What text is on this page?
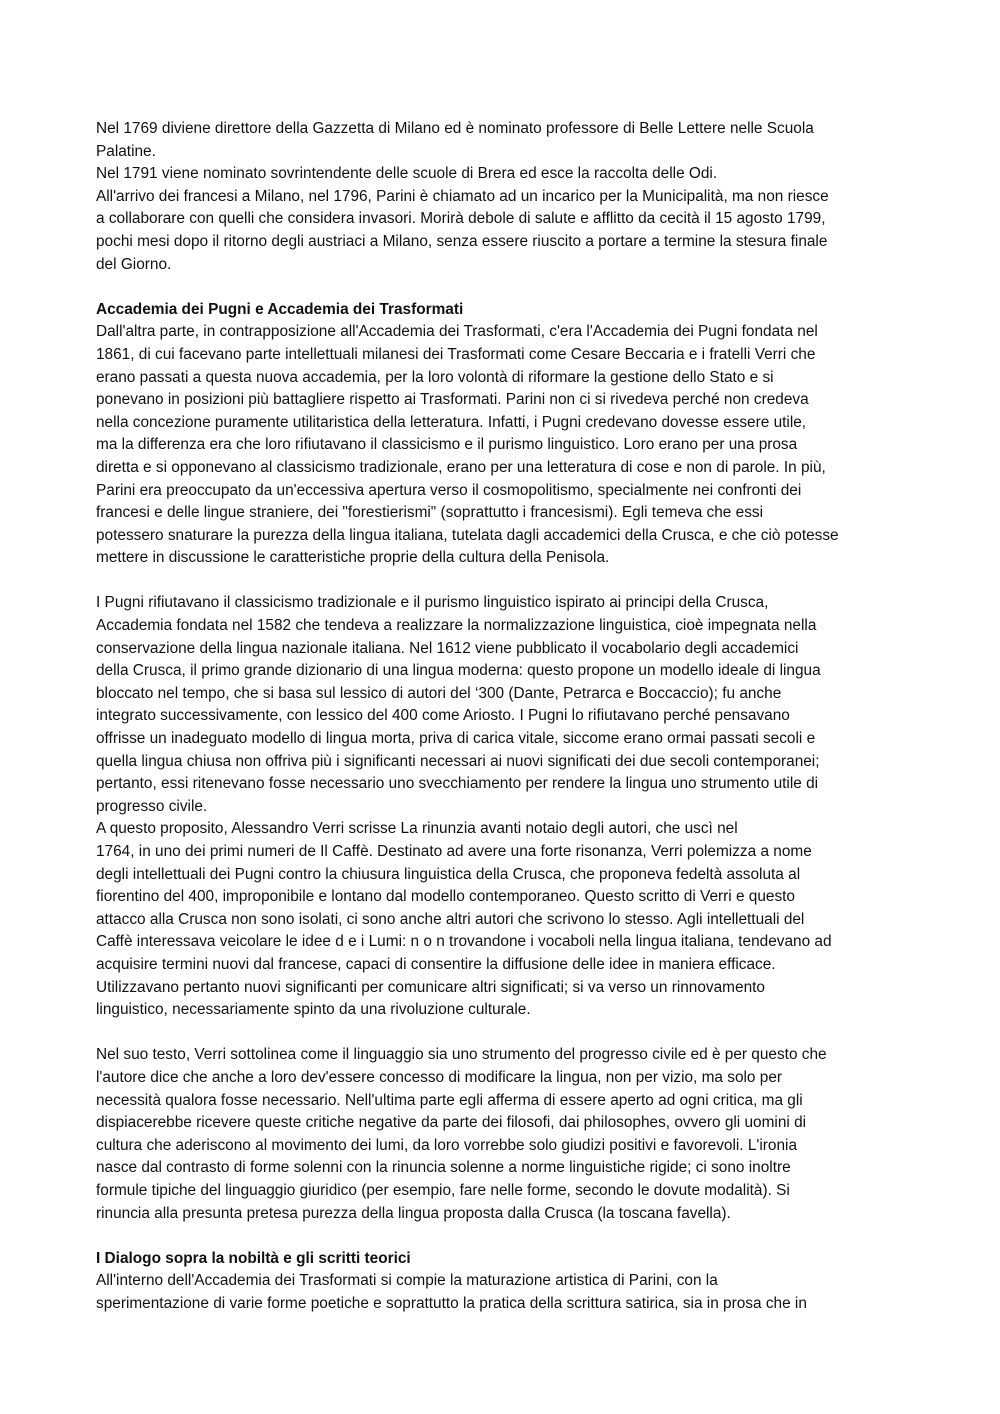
Nel 1769 diviene direttore della Gazzetta di Milano ed è nominato professore di Belle Lettere nelle Scuola
Palatine.
Nel 1791 viene nominato sovrintendente delle scuole di Brera ed esce la raccolta delle Odi.
All'arrivo dei francesi a Milano, nel 1796, Parini è chiamato ad un incarico per la Municipalità, ma non riesce
a collaborare con quelli che considera invasori. Morirà debole di salute e afflitto da cecità il 15 agosto 1799,
pochi mesi dopo il ritorno degli austriaci a Milano, senza essere riuscito a portare a termine la stesura finale
del Giorno.
Accademia dei Pugni e Accademia dei Trasformati
Dall'altra parte, in contrapposizione all'Accademia dei Trasformati, c'era l'Accademia dei Pugni fondata nel
1861, di cui facevano parte intellettuali milanesi dei Trasformati come Cesare Beccaria e i fratelli Verri che
erano passati a questa nuova accademia, per la loro volontà di riformare la gestione dello Stato e si
ponevano in posizioni più battagliere rispetto ai Trasformati. Parini non ci si rivedeva perché non credeva
nella concezione puramente utilitaristica della letteratura. Infatti, i Pugni credevano dovesse essere utile,
ma la differenza era che loro rifiutavano il classicismo e il purismo linguistico. Loro erano per una prosa
diretta e si opponevano al classicismo tradizionale, erano per una letteratura di cose e non di parole. In più,
Parini era preoccupato da un'eccessiva apertura verso il cosmopolitismo, specialmente nei confronti dei
francesi e delle lingue straniere, dei "forestierismi" (soprattutto i francesismi). Egli temeva che essi
potessero snaturare la purezza della lingua italiana, tutelata dagli accademici della Crusca, e che ciò potesse
mettere in discussione le caratteristiche proprie della cultura della Penisola.
I Pugni rifiutavano il classicismo tradizionale e il purismo linguistico ispirato ai principi della Crusca,
Accademia fondata nel 1582 che tendeva a realizzare la normalizzazione linguistica, cioè impegnata nella
conservazione della lingua nazionale italiana. Nel 1612 viene pubblicato il vocabolario degli accademici
della Crusca, il primo grande dizionario di una lingua moderna: questo propone un modello ideale di lingua
bloccato nel tempo, che si basa sul lessico di autori del ‘300 (Dante, Petrarca e Boccaccio); fu anche
integrato successivamente, con lessico del 400 come Ariosto. I Pugni lo rifiutavano perché pensavano
offrisse un inadeguato modello di lingua morta, priva di carica vitale, siccome erano ormai passati secoli e
quella lingua chiusa non offriva più i significanti necessari ai nuovi significati dei due secoli contemporanei;
pertanto, essi ritenevano fosse necessario uno svecchiamento per rendere la lingua uno strumento utile di
progresso civile.
A questo proposito, Alessandro Verri scrisse La rinunzia avanti notaio degli autori, che uscì nel
1764, in uno dei primi numeri de Il Caffè. Destinato ad avere una forte risonanza, Verri polemizza a nome
degli intellettuali dei Pugni contro la chiusura linguistica della Crusca, che proponeva fedeltà assoluta al
fiorentino del 400, improponibile e lontano dal modello contemporaneo. Questo scritto di Verri e questo
attacco alla Crusca non sono isolati, ci sono anche altri autori che scrivono lo stesso. Agli intellettuali del
Caffè interessava veicolare le idee d e i Lumi: n o n trovandone i vocaboli nella lingua italiana, tendevano ad
acquisire termini nuovi dal francese, capaci di consentire la diffusione delle idee in maniera efficace.
Utilizzavano pertanto nuovi significanti per comunicare altri significati; si va verso un rinnovamento
linguistico, necessariamente spinto da una rivoluzione culturale.
Nel suo testo, Verri sottolinea come il linguaggio sia uno strumento del progresso civile ed è per questo che
l'autore dice che anche a loro dev'essere concesso di modificare la lingua, non per vizio, ma solo per
necessità qualora fosse necessario. Nell'ultima parte egli afferma di essere aperto ad ogni critica, ma gli
dispiacerebbe ricevere queste critiche negative da parte dei filosofi, dai philosophes, ovvero gli uomini di
cultura che aderiscono al movimento dei lumi, da loro vorrebbe solo giudizi positivi e favorevoli. L'ironia
nasce dal contrasto di forme solenni con la rinuncia solenne a norme linguistiche rigide; ci sono inoltre
formule tipiche del linguaggio giuridico (per esempio, fare nelle forme, secondo le dovute modalità). Si
rinuncia alla presunta pretesa purezza della lingua proposta dalla Crusca (la toscana favella).
I Dialogo sopra la nobiltà e gli scritti teorici
All'interno dell'Accademia dei Trasformati si compie la maturazione artistica di Parini, con la
sperimentazione di varie forme poetiche e soprattutto la pratica della scrittura satirica, sia in prosa che in
